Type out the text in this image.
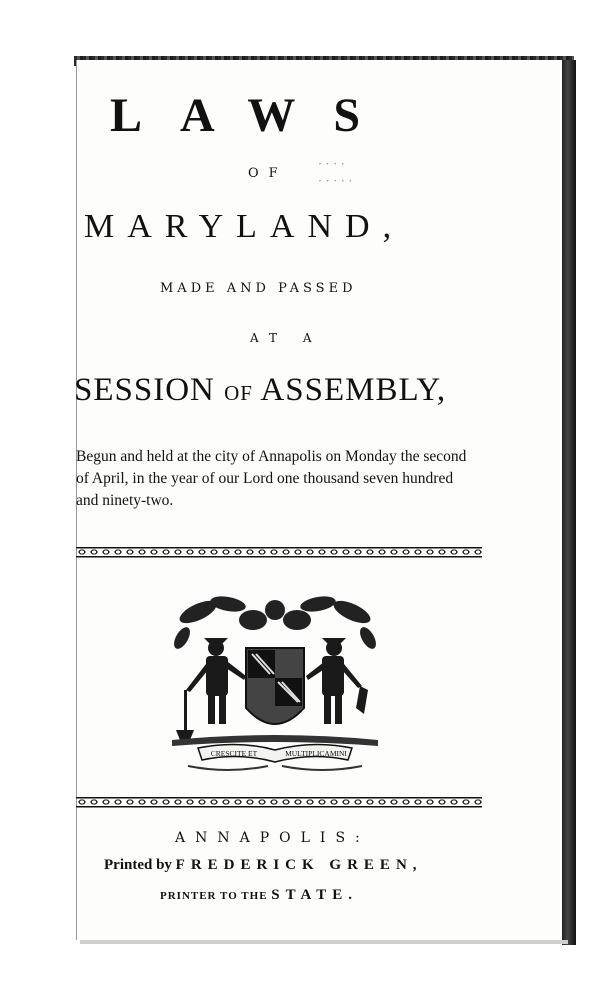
LAWS
OF
· · · ·
· · · · ·
MARYLAND,
MADE AND PASSED
AT A
SESSION OF ASSEMBLY,
Begun and held at the city of Annapolis on Monday the second
of April, in the year of our Lord one thousand seven hundred
and ninety-two.
CRESCITE ET	MULTIPLICAMINI
ANNAPOLIS:
Printed by FREDERICK GREEN,
PRINTER TO THE STATE.
